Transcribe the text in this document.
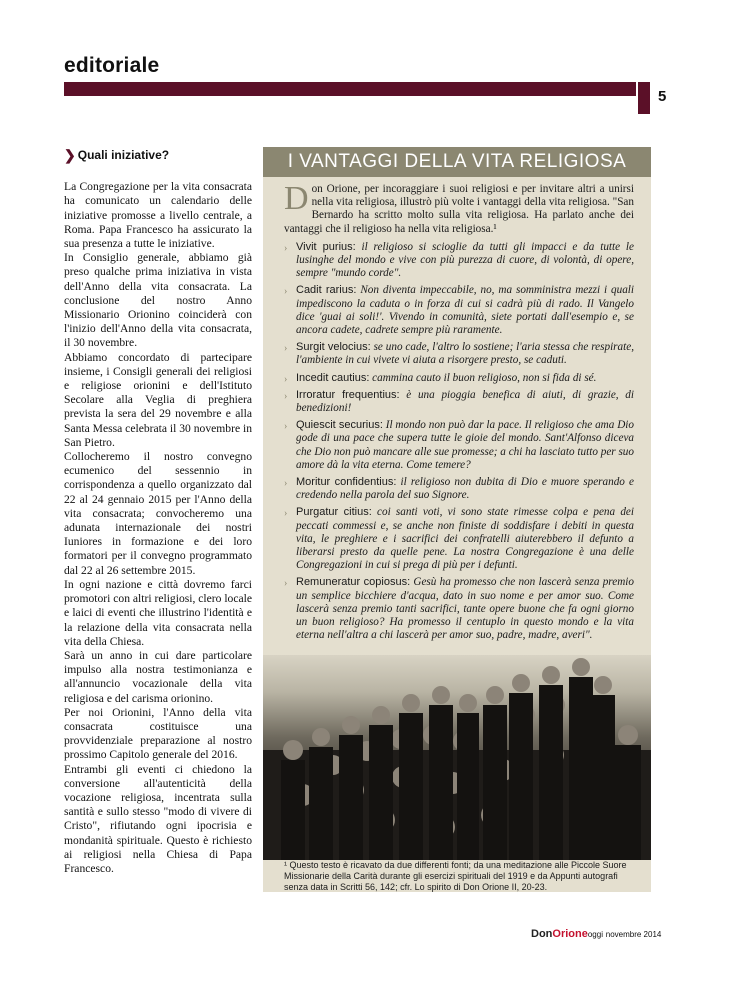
editoriale
5
❯ Quali iniziative?

La Congregazione per la vita consacrata ha comunicato un calendario delle iniziative promosse a livello centrale, a Roma. Papa Francesco ha assicurato la sua presenza a tutte le iniziative.

In Consiglio generale, abbiamo già preso qualche prima iniziativa in vista dell'Anno della vita consacrata. La conclusione del nostro Anno Missionario Orionino coinciderà con l'inizio dell'Anno della vita consacrata, il 30 novembre.

Abbiamo concordato di partecipare insieme, i Consigli generali dei religiosi e religiose orionini e dell'Istituto Secolare alla Veglia di preghiera prevista la sera del 29 novembre e alla Santa Messa celebrata il 30 novembre in San Pietro.

Collocheremo il nostro convegno ecumenico del sessennio in corrispondenza a quello organizzato dal 22 al 24 gennaio 2015 per l'Anno della vita consacrata; convocheremo una adunata internazionale dei nostri Iuniores in formazione e dei loro formatori per il convegno programmato dal 22 al 26 settembre 2015.

In ogni nazione e città dovremo farci promotori con altri religiosi, clero locale e laici di eventi che illustrino l'identità e la relazione della vita consacrata nella vita della Chiesa.

Sarà un anno in cui dare particolare impulso alla nostra testimonianza e all'annuncio vocazionale della vita religiosa e del carisma orionino.

Per noi Orionini, l'Anno della vita consacrata costituisce una provvidenziale preparazione al nostro prossimo Capitolo generale del 2016.

Entrambi gli eventi ci chiedono la conversione all'autenticità della vocazione religiosa, incentrata sulla santità e sullo stesso "modo di vivere di Cristo", rifiutando ogni ipocrisia e mondanità spirituale. Questo è richiesto ai religiosi nella Chiesa di Papa Francesco.

I VANTAGGI DELLA VITA RELIGIOSA

Don Orione, per incoraggiare i suoi religiosi e per invitare altri a unirsi nella vita religiosa, illustrò più volte i vantaggi della vita religiosa. "San Bernardo ha scritto molto sulla vita religiosa. Ha parlato anche dei vantaggi che il religioso ha nella vita religiosa.¹

› Vivit purius: il religioso si scioglie da tutti gli impacci e da tutte le lusinghe del mondo e vive con più purezza di cuore, di volontà, di opere, sempre "mundo corde".

› Cadit rarius: Non diventa impeccabile, no, ma somministra mezzi i quali impediscono la caduta o in forza di cui si cadrà più di rado. Il Vangelo dice 'guai ai soli!'. Vivendo in comunità, siete portati dall'esempio e, se ancora cadete, cadrete sempre più raramente.

› Surgit velocius: se uno cade, l'altro lo sostiene; l'aria stessa che respirate, l'ambiente in cui vivete vi aiuta a risorgere presto, se caduti.

› Incedit cautius: cammina cauto il buon religioso, non si fida di sé.

› Irroratur frequentius: è una pioggia benefica di aiuti, di grazie, di benedizioni!

› Quiescit securius: Il mondo non può dar la pace. Il religioso che ama Dio gode di una pace che supera tutte le gioie del mondo. Sant'Alfonso diceva che Dio non può mancare alle sue promesse; a chi ha lasciato tutto per suo amore dà la vita eterna. Come temere?

› Moritur confidentius: il religioso non dubita di Dio e muore sperando e credendo nella parola del suo Signore.

› Purgatur citius: coi santi voti, vi sono state rimesse colpa e pena dei peccati commessi e, se anche non finiste di soddisfare i debiti in questa vita, le preghiere e i sacrifici dei confratelli aiuterebbero il defunto a liberarsi presto da quelle pene. La nostra Congregazione è una delle Congregazioni in cui si prega di più per i defunti.

› Remuneratur copiosus: Gesù ha promesso che non lascerà senza premio un semplice bicchiere d'acqua, dato in suo nome e per amor suo. Come lascerà senza premio tanti sacrifici, tante opere buone che fa ogni giorno un buon religioso? Ha promesso il centuplo in questo mondo e la vita eterna nell'altra a chi lascerà per amor suo, padre, madre, averi".

¹ Questo testo è ricavato da due differenti fonti; da una meditazione alle Piccole Suore Missionarie della Carità durante gli esercizi spirituali del 1919 e da Appunti autografi senza data in Scritti 56, 142; cfr. Lo spirito di Don Orione II, 20-23.
DonOrioneoggi novembre 2014
